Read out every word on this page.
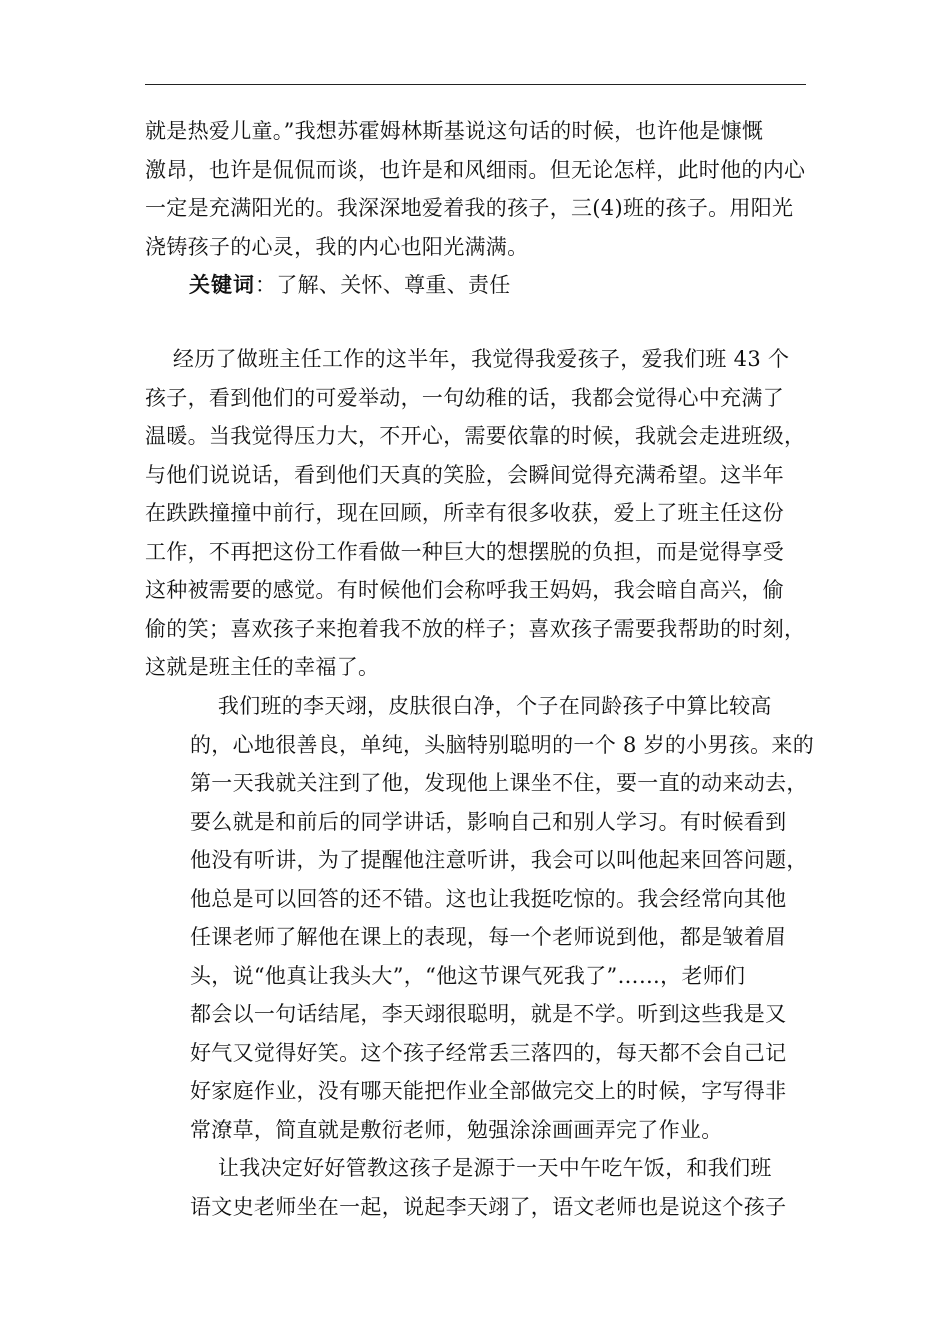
就是热爱儿童。”我想苏霍姆林斯基说这句话的时候，也许他是慷慨
激昂，也许是侃侃而谈，也许是和风细雨。但无论怎样，此时他的内心
一定是充满阳光的。我深深地爱着我的孩子，三(4)班的孩子。用阳光
浇铸孩子的心灵，我的内心也阳光满满。
关键词：了解、关怀、尊重、责任
经历了做班主任工作的这半年，我觉得我爱孩子，爱我们班 43 个
孩子，看到他们的可爱举动，一句幼稚的话，我都会觉得心中充满了
温暖。当我觉得压力大，不开心，需要依靠的时候，我就会走进班级，
与他们说说话，看到他们天真的笑脸，会瞬间觉得充满希望。这半年
在跌跌撞撞中前行，现在回顾，所幸有很多收获，爱上了班主任这份
工作，不再把这份工作看做一种巨大的想摆脱的负担，而是觉得享受
这种被需要的感觉。有时候他们会称呼我王妈妈，我会暗自高兴，偷
偷的笑；喜欢孩子来抱着我不放的样子；喜欢孩子需要我帮助的时刻，
这就是班主任的幸福了。
我们班的李天翊，皮肤很白净，个子在同龄孩子中算比较高
的，心地很善良，单纯，头脑特别聪明的一个 8 岁的小男孩。来的
第一天我就关注到了他，发现他上课坐不住，要一直的动来动去，
要么就是和前后的同学讲话，影响自己和别人学习。有时候看到
他没有听讲，为了提醒他注意听讲，我会可以叫他起来回答问题，
他总是可以回答的还不错。这也让我挺吃惊的。我会经常向其他
任课老师了解他在课上的表现，每一个老师说到他，都是皱着眉
头，说“他真让我头大”，“他这节课气死我了”……，老师们
都会以一句话结尾，李天翊很聪明，就是不学。听到这些我是又
好气又觉得好笑。这个孩子经常丢三落四的，每天都不会自己记
好家庭作业，没有哪天能把作业全部做完交上的时候，字写得非
常潦草，简直就是敷衍老师，勉强涂涂画画弄完了作业。
让我决定好好管教这孩子是源于一天中午吃午饭，和我们班
语文史老师坐在一起，说起李天翊了，语文老师也是说这个孩子
